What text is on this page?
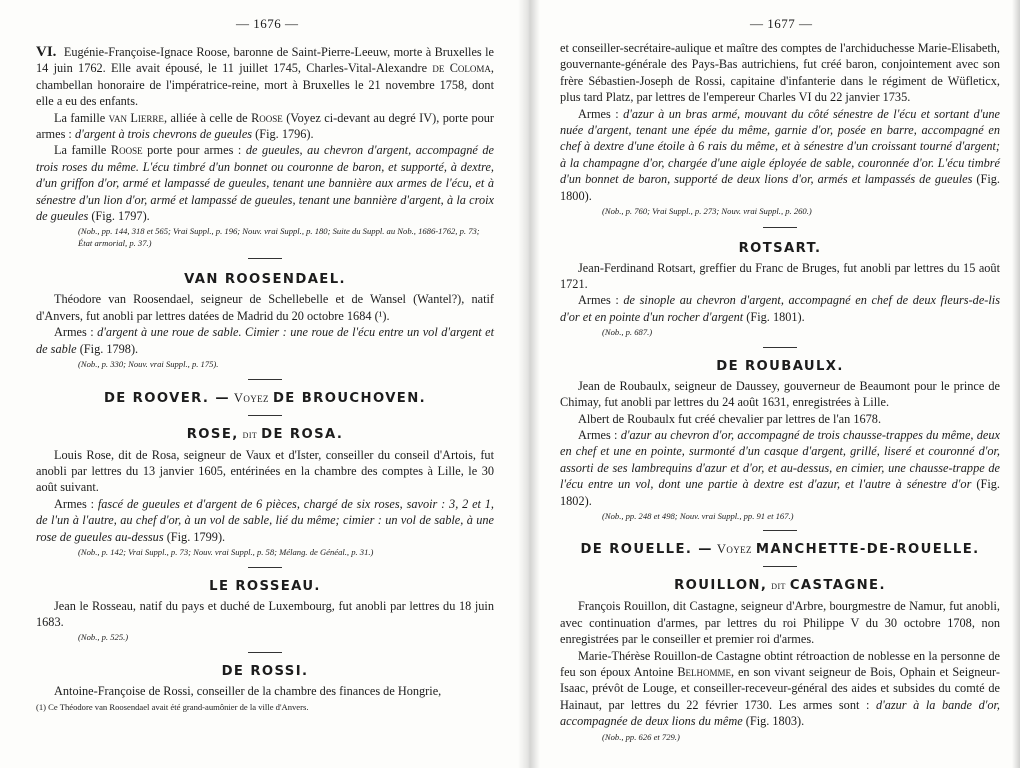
— 1676 —

VI. Eugénie-Françoise-Ignace Roose, baronne de Saint-Pierre-Leeuw, morte à Bruxelles le 14 juin 1762. Elle avait épousé, le 11 juillet 1745, Charles-Vital-Alexandre de Coloma, chambellan honoraire de l'impératrice-reine, mort à Bruxelles le 21 novembre 1758, dont elle a eu des enfants.

La famille van Lierre, alliée à celle de Roose (Voyez ci-devant au degré IV), porte pour armes : d'argent à trois chevrons de gueules (Fig. 1796).

La famille Roose porte pour armes : de gueules, au chevron d'argent, accompagné de trois roses du même. L'écu timbré d'un bonnet ou couronne de baron, et supporté, à dextre, d'un griffon d'or, armé et lampassé de gueules, tenant une bannière aux armes de l'écu, et à sénestre d'un lion d'or, armé et lampassé de gueules, tenant une bannière d'argent, à la croix de gueules (Fig. 1797).

(Nob., pp. 144, 318 et 565; Vrai Suppl., p. 196; Nouv. vrai Suppl., p. 180; Suite du Suppl. au Nob., 1686-1762, p. 73; État armorial, p. 37.)

VAN ROOSENDAEL.

Théodore van Roosendael, seigneur de Schellebelle et de Wansel (Wantel?), natif d'Anvers, fut anobli par lettres datées de Madrid du 20 octobre 1684 (¹).

Armes : d'argent à une roue de sable. Cimier : une roue de l'écu entre un vol d'argent et de sable (Fig. 1798).

(Nob., p. 330; Nouv. vrai Suppl., p. 175).

DE ROOVER. — Voyez DE BROUCHOVEN.
ROSE, dit DE ROSA.

Louis Rose, dit de Rosa, seigneur de Vaux et d'Ister, conseiller du conseil d'Artois, fut anobli par lettres du 13 janvier 1605, entérinées en la chambre des comptes à Lille, le 30 août suivant.

Armes : fascé de gueules et d'argent de 6 pièces, chargé de six roses, savoir : 3, 2 et 1, de l'un à l'autre, au chef d'or, à un vol de sable, lié du même; cimier : un vol de sable, à une rose de gueules au-dessus (Fig. 1799).

(Nob., p. 142; Vrai Suppl., p. 73; Nouv. vrai Suppl., p. 58; Mélang. de Généal., p. 31.)

LE ROSSEAU.

Jean le Rosseau, natif du pays et duché de Luxembourg, fut anobli par lettres du 18 juin 1683.

(Nob., p. 525.)

DE ROSSI.

Antoine-Françoise de Rossi, conseiller de la chambre des finances de Hongrie,

(1) Ce Théodore van Roosendael avait été grand-aumônier de la ville d'Anvers.

— 1677 —

et conseiller-secrétaire-aulique et maître des comptes de l'archiduchesse Marie-Elisabeth, gouvernante-générale des Pays-Bas autrichiens, fut créé baron, conjointement avec son frère Sébastien-Joseph de Rossi, capitaine d'infanterie dans le régiment de Wüfleticx, plus tard Platz, par lettres de l'empereur Charles VI du 22 janvier 1735.

Armes : d'azur à un bras armé, mouvant du côté sénestre de l'écu et sortant d'une nuée d'argent, tenant une épée du même, garnie d'or, posée en barre, accompagné en chef à dextre d'une étoile à 6 rais du même, et à sénestre d'un croissant tourné d'argent; à la champagne d'or, chargée d'une aigle éployée de sable, couronnée d'or. L'écu timbré d'un bonnet de baron, supporté de deux lions d'or, armés et lampassés de gueules (Fig. 1800).

(Nob., p. 760; Vrai Suppl., p. 273; Nouv. vrai Suppl., p. 260.)

ROTSART.

Jean-Ferdinand Rotsart, greffier du Franc de Bruges, fut anobli par lettres du 15 août 1721.

Armes : de sinople au chevron d'argent, accompagné en chef de deux fleurs-de-lis d'or et en pointe d'un rocher d'argent (Fig. 1801).

(Nob., p. 687.)

DE ROUBAULX.

Jean de Roubaulx, seigneur de Daussey, gouverneur de Beaumont pour le prince de Chimay, fut anobli par lettres du 24 août 1631, enregistrées à Lille.

Albert de Roubaulx fut créé chevalier par lettres de l'an 1678.

Armes : d'azur au chevron d'or, accompagné de trois chausse-trappes du même, deux en chef et une en pointe, surmonté d'un casque d'argent, grillé, liseré et couronné d'or, assorti de ses lambrequins d'azur et d'or, et au-dessus, en cimier, une chausse-trappe de l'écu entre un vol, dont une partie à dextre est d'azur, et l'autre à sénestre d'or (Fig. 1802).

(Nob., pp. 248 et 498; Nouv. vrai Suppl., pp. 91 et 167.)

DE ROUELLE. — Voyez MANCHETTE-DE-ROUELLE.
ROUILLON, dit CASTAGNE.

François Rouillon, dit Castagne, seigneur d'Arbre, bourgmestre de Namur, fut anobli, avec continuation d'armes, par lettres du roi Philippe V du 30 octobre 1708, non enregistrées par le conseiller et premier roi d'armes.

Marie-Thérèse Rouillon-de Castagne obtint rétroaction de noblesse en la personne de feu son époux Antoine Belhomme, en son vivant seigneur de Bois, Ophain et Seigneur-Isaac, prévôt de Louge, et conseiller-receveur-général des aides et subsides du comté de Hainaut, par lettres du 22 février 1730. Les armes sont : d'azur à la bande d'or, accompagnée de deux lions du même (Fig. 1803).

(Nob., pp. 626 et 729.)
